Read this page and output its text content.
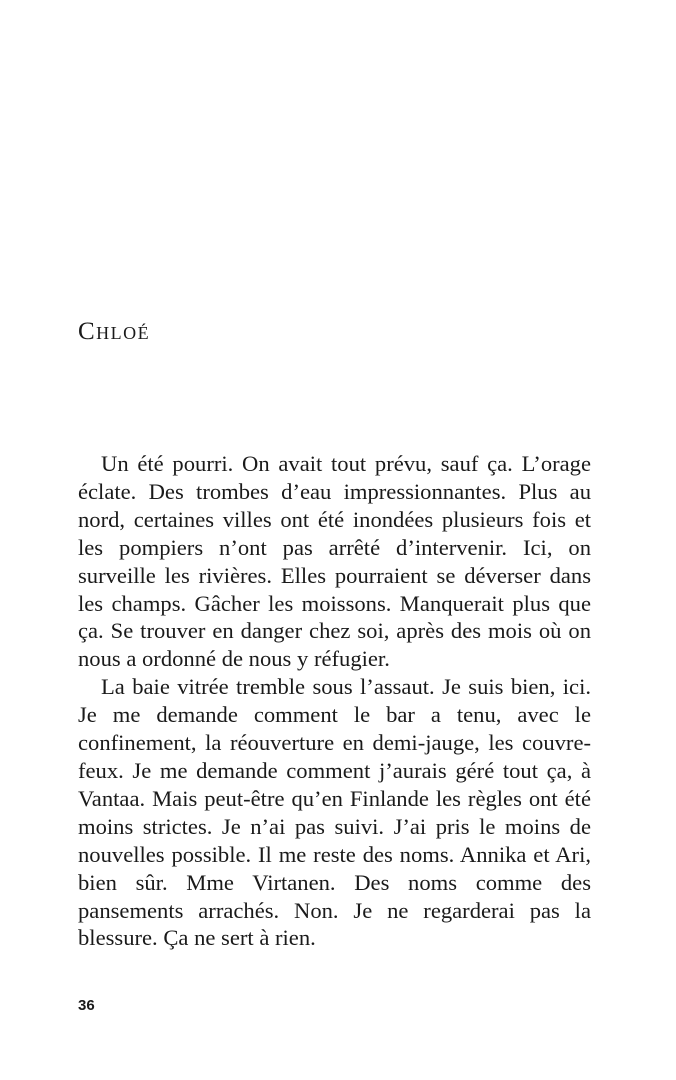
Chloé

Un été pourri. On avait tout prévu, sauf ça. L’orage éclate. Des trombes d’eau impressionnantes. Plus au nord, certaines villes ont été inondées plusieurs fois et les pompiers n’ont pas arrêté d’intervenir. Ici, on surveille les rivières. Elles pourraient se déverser dans les champs. Gâcher les moissons. Manquerait plus que ça. Se trouver en danger chez soi, après des mois où on nous a ordonné de nous y réfugier.

La baie vitrée tremble sous l’assaut. Je suis bien, ici. Je me demande comment le bar a tenu, avec le confinement, la réouverture en demi-jauge, les couvre-feux. Je me demande comment j’aurais géré tout ça, à Vantaa. Mais peut-être qu’en Finlande les règles ont été moins strictes. Je n’ai pas suivi. J’ai pris le moins de nouvelles possible. Il me reste des noms. Annika et Ari, bien sûr. Mme Virtanen. Des noms comme des pansements arrachés. Non. Je ne regarderai pas la blessure. Ça ne sert à rien.

36
